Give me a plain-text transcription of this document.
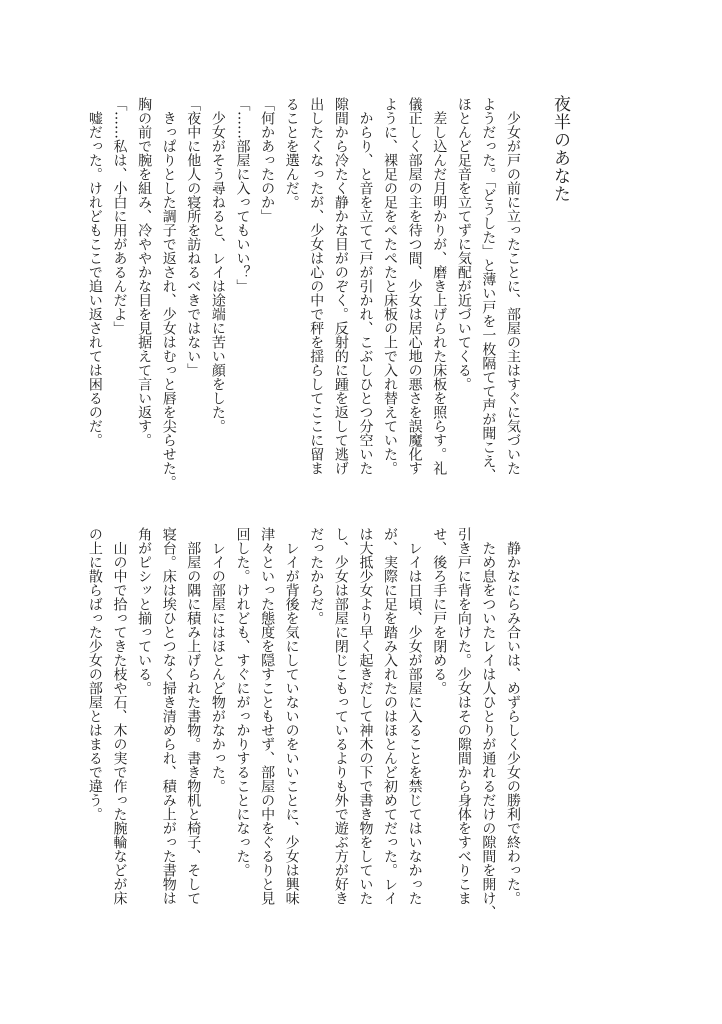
夜半のあなた

　少女が戸の前に立ったことに、部屋の主はすぐに気づいた

ようだった。「どうした」と薄い戸を一枚隔てて声が聞こえ、

ほとんど足音を立てずに気配が近づいてくる。

　差し込んだ月明かりが、磨き上げられた床板を照らす。礼

儀正しく部屋の主を待つ間、少女は居心地の悪さを誤魔化す

ように、裸足の足をぺたぺたと床板の上で入れ替えていた。

　からり、と音を立てて戸が引かれ、こぶしひとつ分空いた

隙間から冷たく静かな目がのぞく。反射的に踵を返して逃げ

出したくなったが、少女は心の中で秤を揺らしてここに留ま

ることを選んだ。

「何かあったのか」

「……部屋に入ってもいい？」

　少女がそう尋ねると、レイは途端に苦い顔をした。

「夜中に他人の寝所を訪ねるべきではない」

　きっぱりとした調子で返され、少女はむっと唇を尖らせた。

胸の前で腕を組み、冷ややかな目を見据えて言い返す。

「……私は、小白に用があるんだよ」

　嘘だった。けれどもここで追い返されては困るのだ。

　静かなにらみ合いは、めずらしく少女の勝利で終わった。

　ため息をついたレイは人ひとりが通れるだけの隙間を開け、

引き戸に背を向けた。少女はその隙間から身体をすべりこま

せ、後ろ手に戸を閉める。

　レイは日頃、少女が部屋に入ることを禁じてはいなかった

が、実際に足を踏み入れたのはほとんど初めてだった。レイ

は大抵少女より早く起きだして神木の下で書き物をしていた

し、少女は部屋に閉じこもっているよりも外で遊ぶ方が好き

だったからだ。

　レイが背後を気にしていないのをいいことに、少女は興味

津々といった態度を隠すこともせず、部屋の中をぐるりと見

回した。けれども、すぐにがっかりすることになった。

　レイの部屋にはほとんど物がなかった。

　部屋の隅に積み上げられた書物。書き物机と椅子、そして

寝台。床は埃ひとつなく掃き清められ、積み上がった書物は

角がピシッと揃っている。

　山の中で拾ってきた枝や石、木の実で作った腕輪などが床

の上に散らばった少女の部屋とはまるで違う。
